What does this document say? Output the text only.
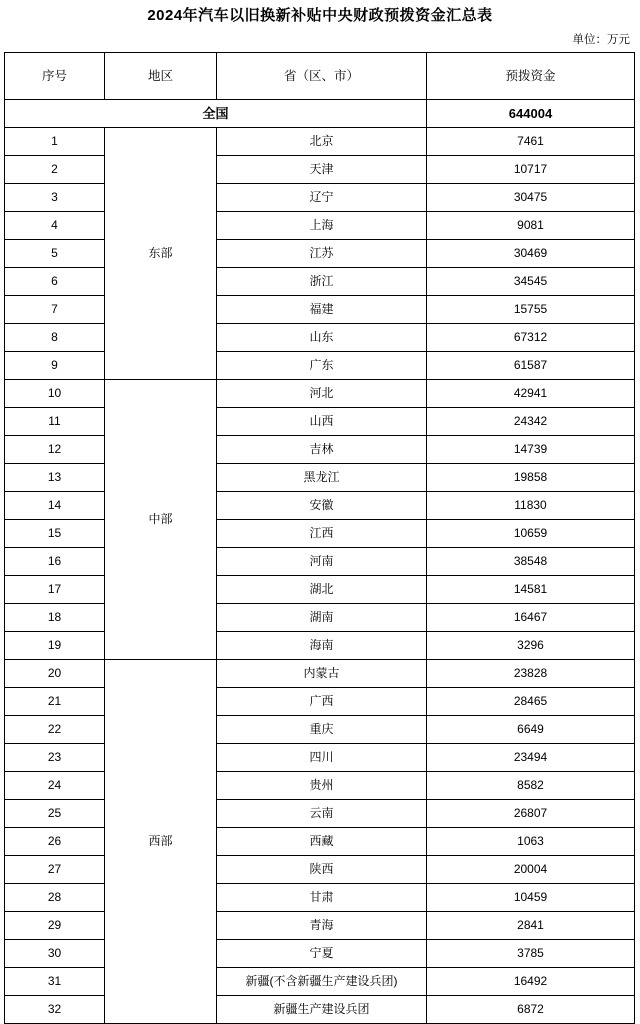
2024年汽车以旧换新补贴中央财政预拨资金汇总表
单位：万元
序号	地区	省（区、市）	预拨资金
全国			644004
1	东部	北京	7461
2		天津	10717
3		辽宁	30475
4		上海	9081
5		江苏	30469
6		浙江	34545
7		福建	15755
8		山东	67312
9		广东	61587
10	中部	河北	42941
11		山西	24342
12		吉林	14739
13		黑龙江	19858
14		安徽	11830
15		江西	10659
16		河南	38548
17		湖北	14581
18		湖南	16467
19		海南	3296
20	西部	内蒙古	23828
21		广西	28465
22		重庆	6649
23		四川	23494
24		贵州	8582
25		云南	26807
26		西藏	1063
27		陕西	20004
28		甘肃	10459
29		青海	2841
30		宁夏	3785
31		新疆(不含新疆生产建设兵团)	16492
32		新疆生产建设兵团	6872
